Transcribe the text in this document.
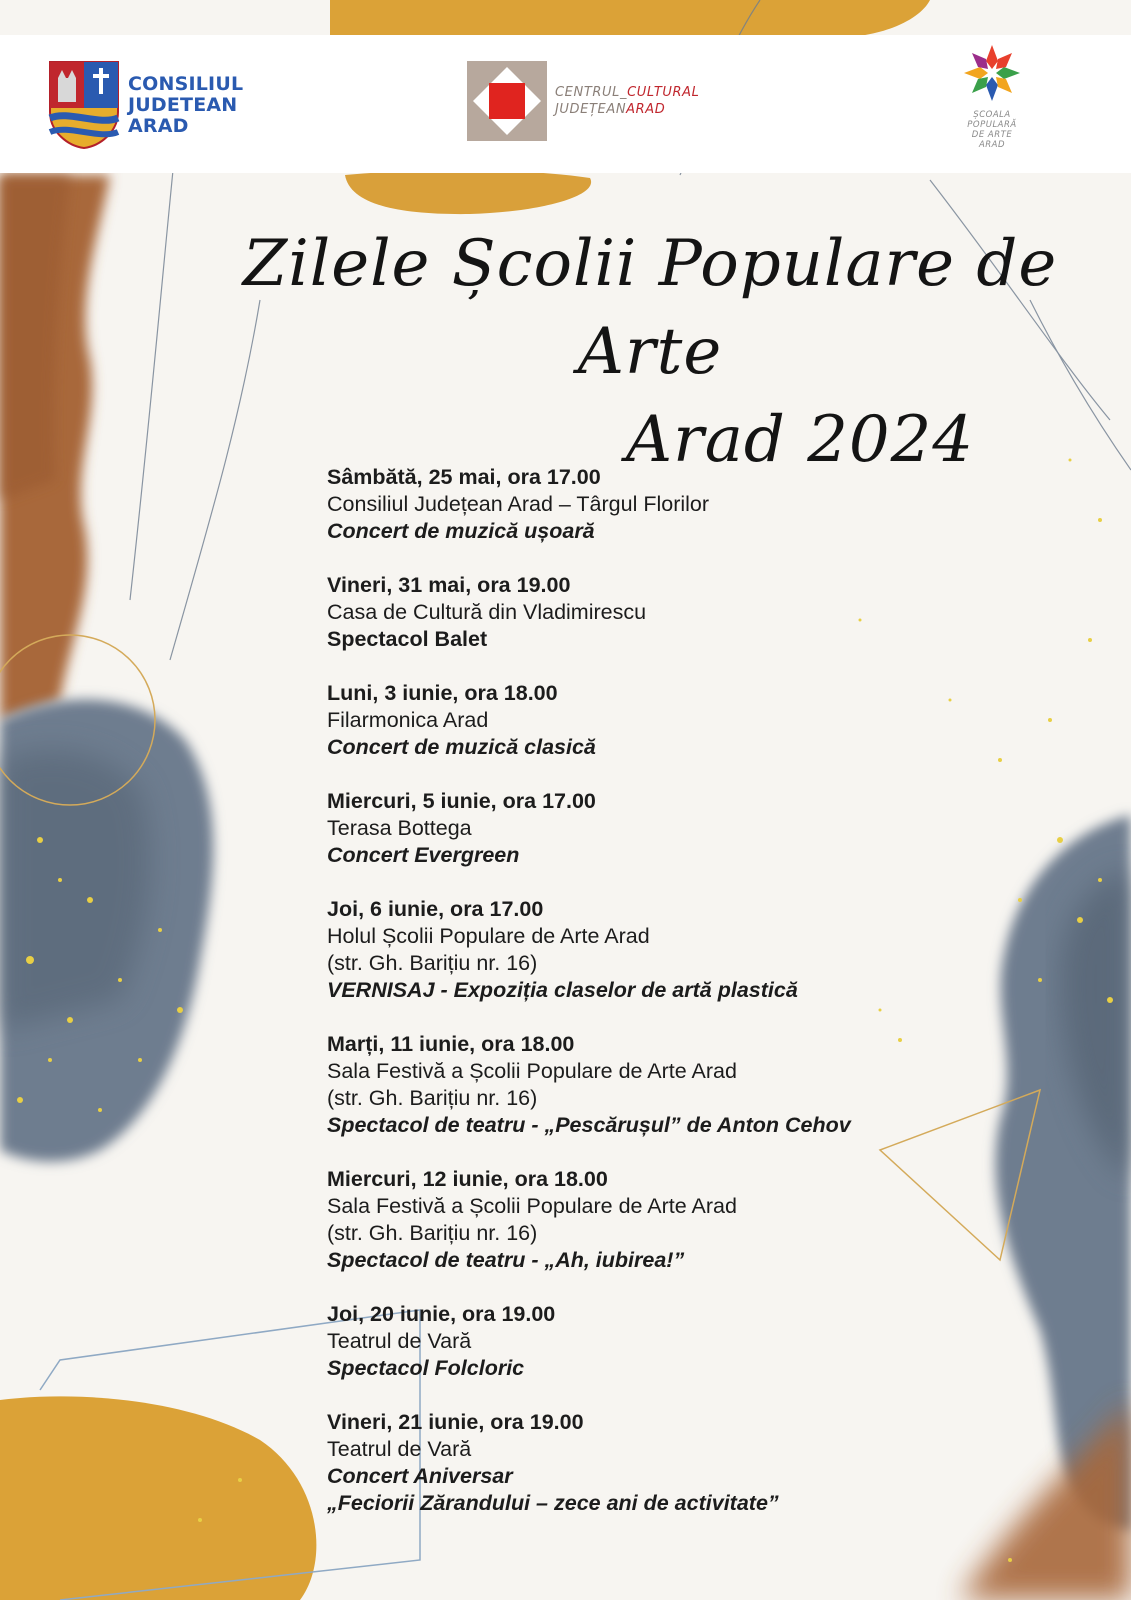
CONSILIUL
JUDETEAN
ARAD
CENTRUL_CULTURAL
JUDEȚEANARAD	ȘCOALA
POPULARĂ
DE ARTE
ARAD
Zilele Școlii Populare de Arte
Arad 2024
Sâmbătă, 25 mai, ora 17.00
Consiliul Județean Arad – Târgul Florilor
Concert de muzică ușoară
Vineri, 31 mai, ora 19.00
Casa de Cultură din Vladimirescu
Spectacol Balet
Luni, 3 iunie, ora 18.00
Filarmonica Arad
Concert de muzică clasică
Miercuri, 5 iunie, ora 17.00
Terasa Bottega
Concert Evergreen
Joi, 6 iunie, ora 17.00
Holul Școlii Populare de Arte Arad
(str. Gh. Barițiu nr. 16)
VERNISAJ - Expoziția claselor de artă plastică
Marți, 11 iunie, ora 18.00
Sala Festivă a Școlii Populare de Arte Arad
(str. Gh. Barițiu nr. 16)
Spectacol de teatru - „Pescărușul” de Anton Cehov
Miercuri, 12 iunie, ora 18.00
Sala Festivă a Școlii Populare de Arte Arad
(str. Gh. Barițiu nr. 16)
Spectacol de teatru - „Ah, iubirea!”
Joi, 20 iunie, ora 19.00
Teatrul de Vară
Spectacol Folcloric
Vineri, 21 iunie, ora 19.00
Teatrul de Vară
Concert Aniversar
„Feciorii Zărandului – zece ani de activitate”
